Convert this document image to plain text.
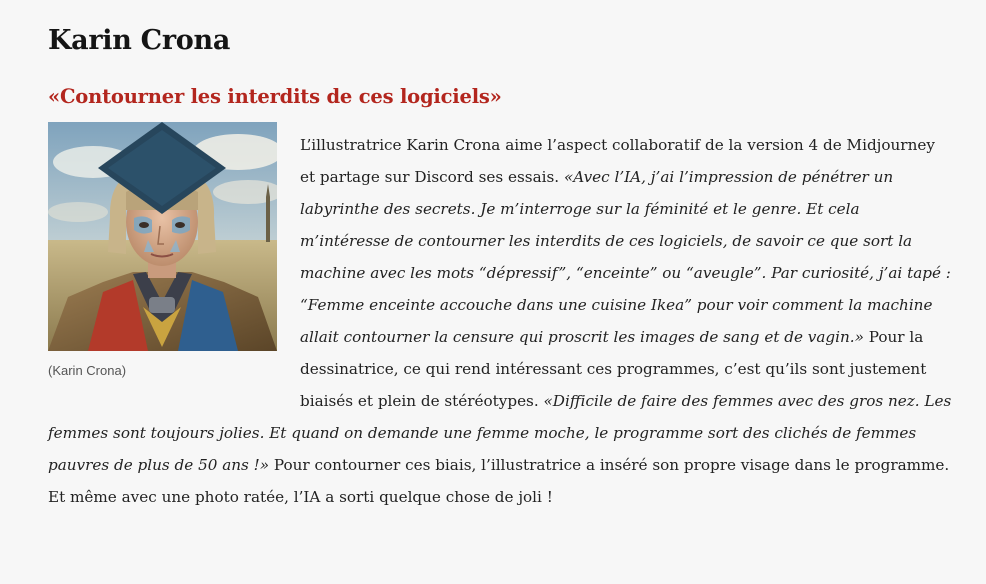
Karin Crona
«Contourner les interdits de ces logiciels»
(Karin Crona)

L’illustratrice Karin Crona aime l’aspect collaboratif de la version 4 de Midjourney et partage sur Discord ses essais. «Avec l’IA, j’ai l’impression de pénétrer un labyrinthe des secrets. Je m’interroge sur la féminité et le genre. Et cela m’intéresse de contourner les interdits de ces logiciels, de savoir ce que sort la machine avec les mots “dépressif”, “enceinte” ou “aveugle”. Par curiosité, j’ai tapé : “Femme enceinte accouche dans une cuisine Ikea” pour voir comment la machine allait contourner la censure qui proscrit les images de sang et de vagin.» Pour la dessinatrice, ce qui rend intéressant ces programmes, c’est qu’ils sont justement biaisés et plein de stéréotypes. «Difficile de faire des femmes avec des gros nez. Les femmes sont toujours jolies. Et quand on demande une femme moche, le programme sort des clichés de femmes pauvres de plus de 50 ans !» Pour contourner ces biais, l’illustratrice a inséré son propre visage dans le programme. Et même avec une photo ratée, l’IA a sorti quelque chose de joli !
